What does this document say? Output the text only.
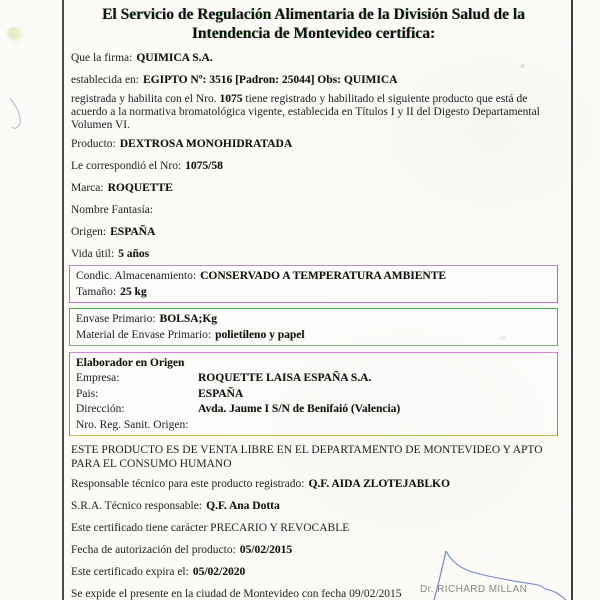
El Servicio de Regulación Alimentaria de la División Salud de la
Intendencia de Montevideo certifica:
Que la firma: QUIMICA S.A.
establecida en: EGIPTO Nº: 3516 [Padron: 25044] Obs: QUIMICA

registrada y habilita con el Nro. 1075 tiene registrado y habilitado el siguiente producto que está de acuerdo a la normativa bromatológica vigente, establecida en Títulos I y II del Digesto Departamental Volumen VI.

Producto: DEXTROSA MONOHIDRATADA
Le correspondió el Nro: 1075/58
Marca: ROQUETTE
Nombre Fantasía:
Origen: ESPAÑA
Vida útil: 5 años
Condic. Almacenamiento: CONSERVADO A TEMPERATURA AMBIENTE
Tamaño: 25 kg
Envase Primario: BOLSA;Kg
Material de Envase Primario: polietileno y papel
Elaborador en Origen
Empresa:	ROQUETTE LAISA ESPAÑA S.A.
Pais:	ESPAÑA
Dirección:	Avda. Jaume I S/N de Benifaió (Valencia)
Nro. Reg. Sanit. Origen:

ESTE PRODUCTO ES DE VENTA LIBRE EN EL DEPARTAMENTO DE MONTEVIDEO Y APTO PARA EL CONSUMO HUMANO

Responsable técnico para este producto registrado: Q.F. AIDA ZLOTEJABLKO
S.R.A. Técnico responsable: Q.F. Ana Dotta
Este certificado tiene carácter PRECARIO Y REVOCABLE
Fecha de autorización del producto: 05/02/2015
Este certificado expira el: 05/02/2020
Se expide el presente en la ciudad de Montevideo con fecha 09/02/2015	Dr. RICHARD MILLAN
